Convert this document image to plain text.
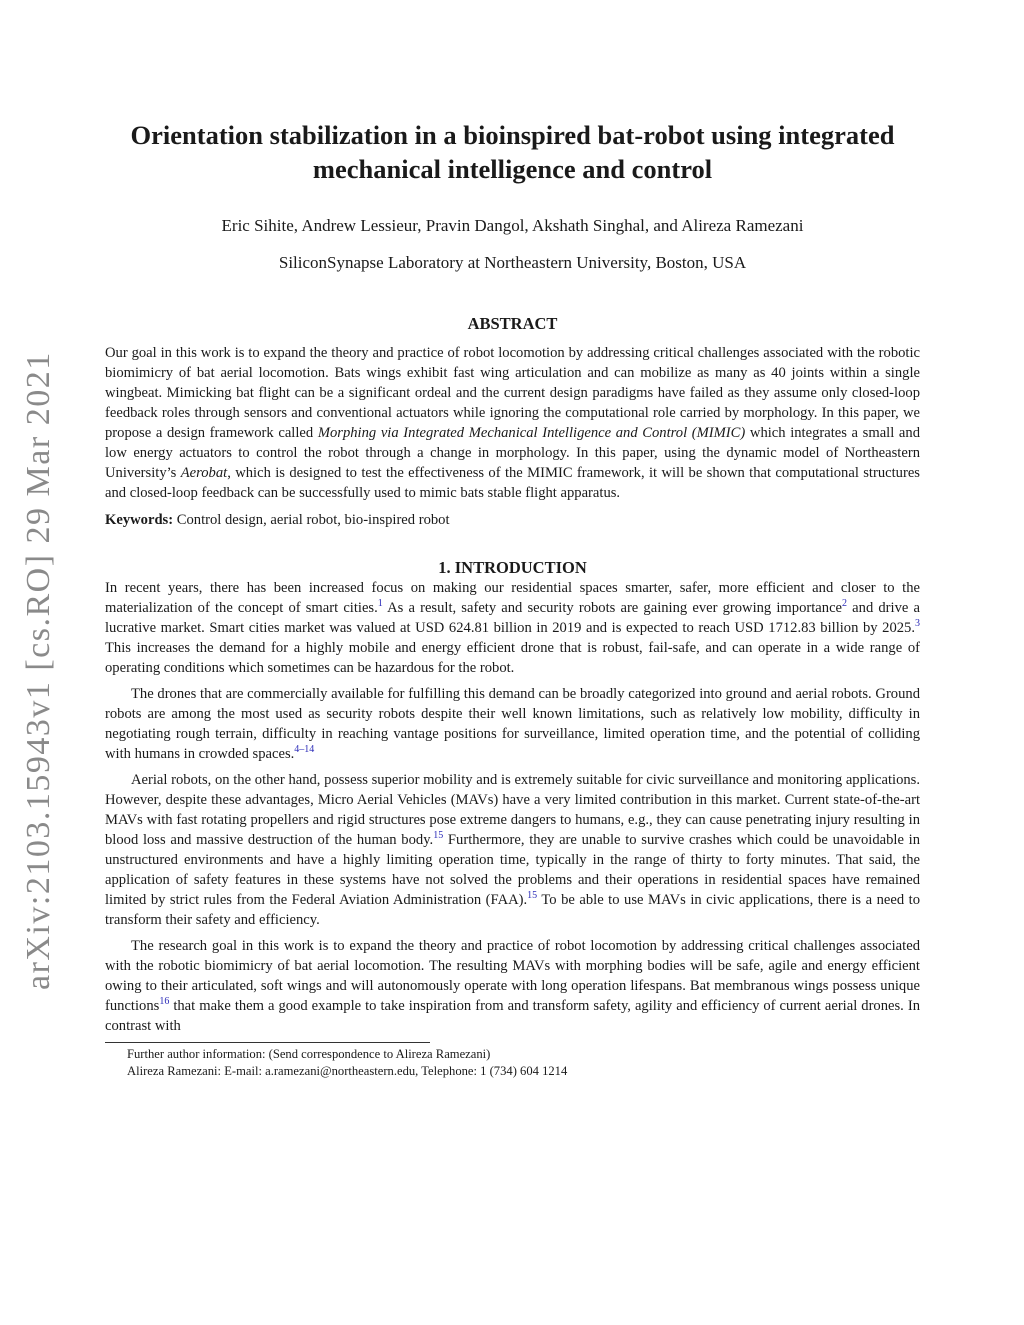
arXiv:2103.15943v1 [cs.RO] 29 Mar 2021
Orientation stabilization in a bioinspired bat-robot using integrated mechanical intelligence and control
Eric Sihite, Andrew Lessieur, Pravin Dangol, Akshath Singhal, and Alireza Ramezani
SiliconSynapse Laboratory at Northeastern University, Boston, USA
ABSTRACT

Our goal in this work is to expand the theory and practice of robot locomotion by addressing critical challenges associated with the robotic biomimicry of bat aerial locomotion. Bats wings exhibit fast wing articulation and can mobilize as many as 40 joints within a single wingbeat. Mimicking bat flight can be a significant ordeal and the current design paradigms have failed as they assume only closed-loop feedback roles through sensors and conventional actuators while ignoring the computational role carried by morphology. In this paper, we propose a design framework called Morphing via Integrated Mechanical Intelligence and Control (MIMIC) which integrates a small and low energy actuators to control the robot through a change in morphology. In this paper, using the dynamic model of Northeastern University’s Aerobat, which is designed to test the effectiveness of the MIMIC framework, it will be shown that computational structures and closed-loop feedback can be successfully used to mimic bats stable flight apparatus.

Keywords: Control design, aerial robot, bio-inspired robot
1. INTRODUCTION

In recent years, there has been increased focus on making our residential spaces smarter, safer, more efficient and closer to the materialization of the concept of smart cities.$^1$ As a result, safety and security robots are gaining ever growing importance$^2$ and drive a lucrative market. Smart cities market was valued at USD 624.81 billion in 2019 and is expected to reach USD 1712.83 billion by 2025.$^3$ This increases the demand for a highly mobile and energy efficient drone that is robust, fail-safe, and can operate in a wide range of operating conditions which sometimes can be hazardous for the robot.

The drones that are commercially available for fulfilling this demand can be broadly categorized into ground and aerial robots. Ground robots are among the most used as security robots despite their well known limitations, such as relatively low mobility, difficulty in negotiating rough terrain, difficulty in reaching vantage positions for surveillance, limited operation time, and the potential of colliding with humans in crowded spaces.$^{4-14}$

Aerial robots, on the other hand, possess superior mobility and is extremely suitable for civic surveillance and monitoring applications. However, despite these advantages, Micro Aerial Vehicles (MAVs) have a very limited contribution in this market. Current state-of-the-art MAVs with fast rotating propellers and rigid structures pose extreme dangers to humans, e.g., they can cause penetrating injury resulting in blood loss and massive destruction of the human body.$^{15}$ Furthermore, they are unable to survive crashes which could be unavoidable in unstructured environments and have a highly limiting operation time, typically in the range of thirty to forty minutes. That said, the application of safety features in these systems have not solved the problems and their operations in residential spaces have remained limited by strict rules from the Federal Aviation Administration (FAA).$^{15}$ To be able to use MAVs in civic applications, there is a need to transform their safety and efficiency.

The research goal in this work is to expand the theory and practice of robot locomotion by addressing critical challenges associated with the robotic biomimicry of bat aerial locomotion. The resulting MAVs with morphing bodies will be safe, agile and energy efficient owing to their articulated, soft wings and will autonomously operate with long operation lifespans. Bat membranous wings possess unique functions$^{16}$ that make them a good example to take inspiration from and transform safety, agility and efficiency of current aerial drones. In contrast with

Further author information: (Send correspondence to Alireza Ramezani)
Alireza Ramezani: E-mail: a.ramezani@northeastern.edu, Telephone: 1 (734) 604 1214
